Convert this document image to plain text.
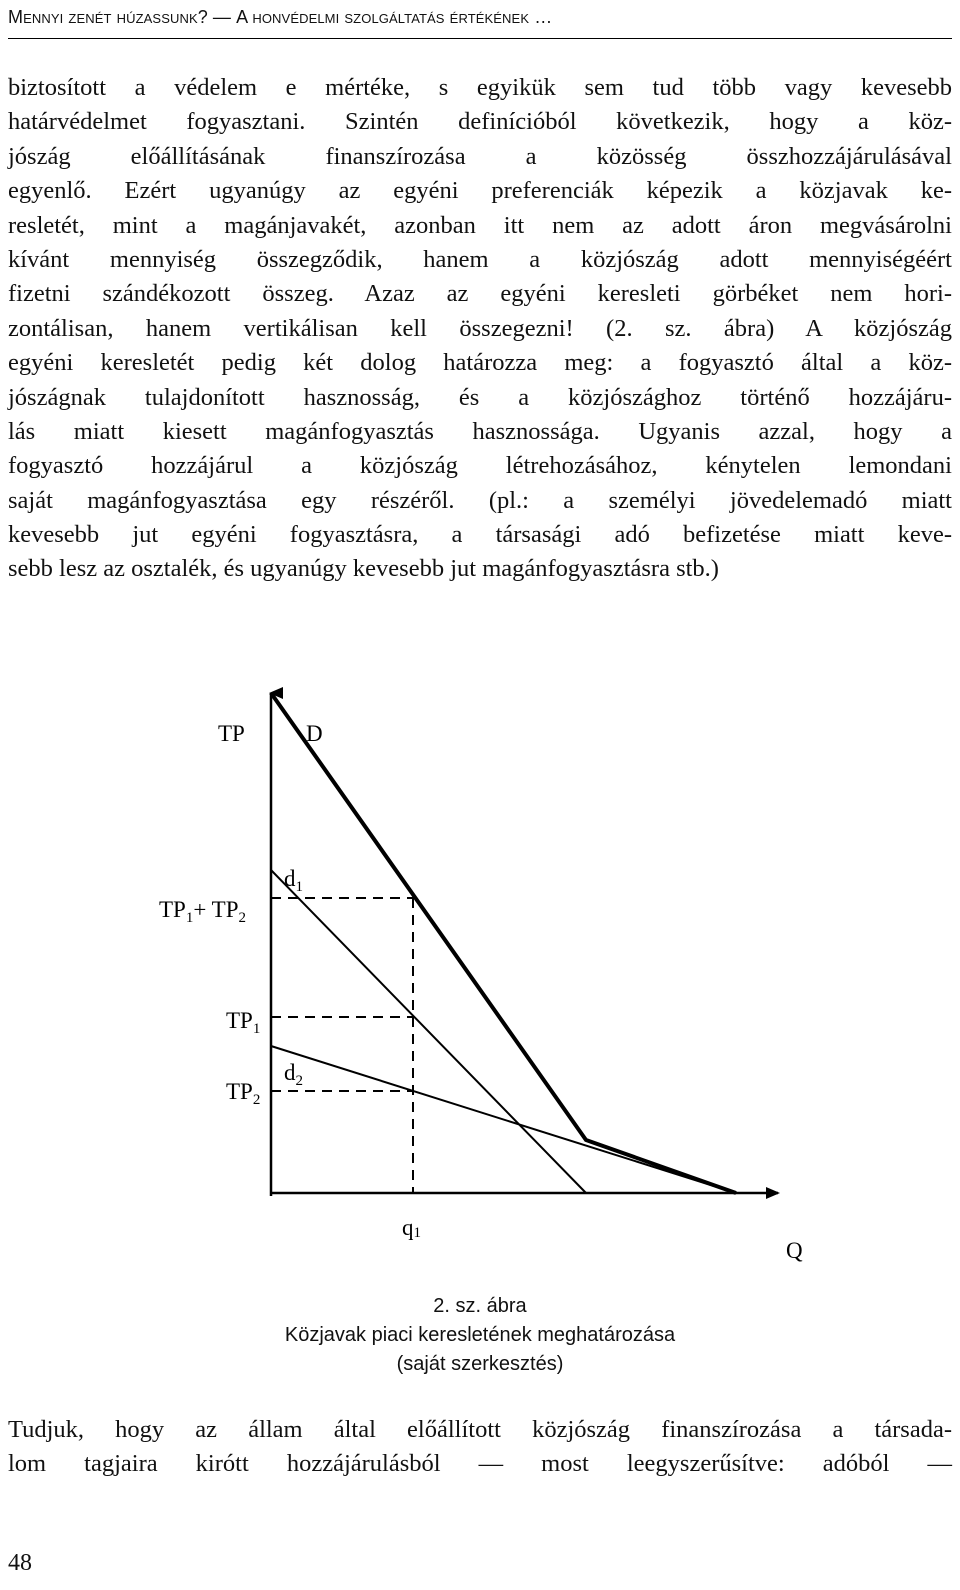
Mennyi zenét húzassunk? — A honvédelmi szolgáltatás értékének …
biztosított a védelem e mértéke, s egyikük sem tud több vagy kevesebb
határvédelmet fogyasztani. Szintén definícióból következik, hogy a köz-
jószág előállításának finanszírozása a közösség összhozzájárulásával
egyenlő. Ezért ugyanúgy az egyéni preferenciák képezik a közjavak ke-
resletét, mint a magánjavakét, azonban itt nem az adott áron megvásárolni
kívánt mennyiség összegződik, hanem a közjószág adott mennyiségéért
fizetni szándékozott összeg. Azaz az egyéni keresleti görbéket nem hori-
zontálisan, hanem vertikálisan kell összegezni! (2. sz. ábra) A közjószág
egyéni keresletét pedig két dolog határozza meg: a fogyasztó által a köz-
jószágnak tulajdonított hasznosság, és a közjószághoz történő hozzájáru-
lás miatt kiesett magánfogyasztás hasznossága. Ugyanis azzal, hogy a
fogyasztó hozzájárul a közjószág létrehozásához, kénytelen lemondani
saját magánfogyasztása egy részéről. (pl.: a személyi jövedelemadó miatt
kevesebb jut egyéni fogyasztásra, a társasági adó befizetése miatt keve-
sebb lesz az osztalék, és ugyanúgy kevesebb jut magánfogyasztásra stb.)
TP	D
$d_1$
$TP_1+ TP_2$
$TP_1$
$d_2$
$TP_2$
q1
Q
2. sz. ábra
Közjavak piaci keresletének meghatározása
(saját szerkesztés)
Tudjuk, hogy az állam által előállított közjószág finanszírozása a társada-
lom tagjaira kirótt hozzájárulásból — most leegyszerűsítve: adóból —
48
